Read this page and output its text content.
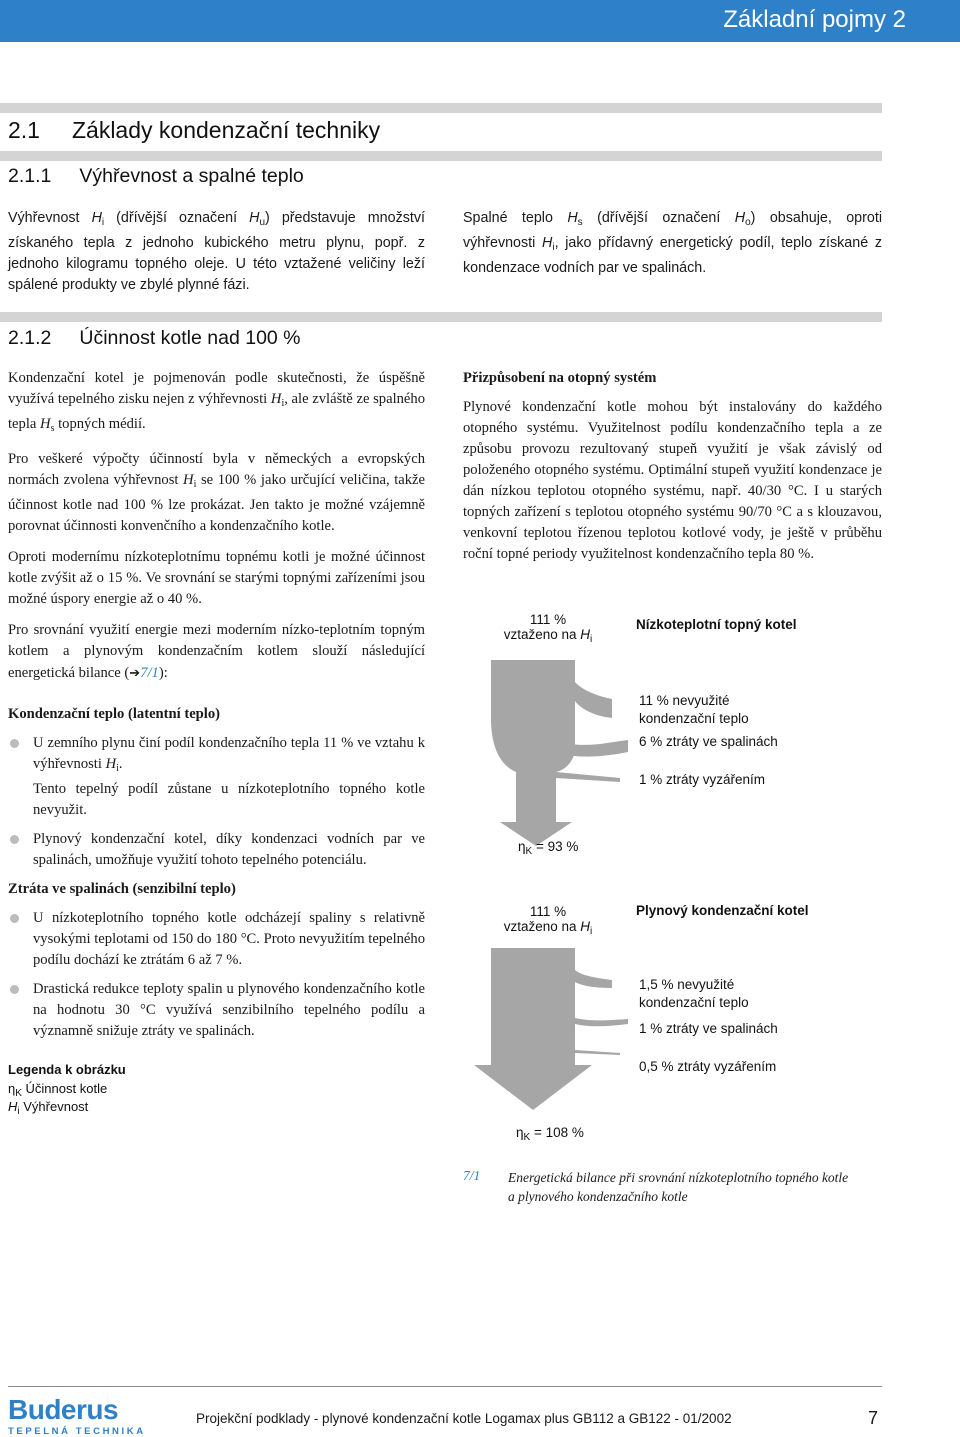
Základní pojmy 2
2.1 Základy kondenzační techniky
2.1.1 Výhřevnost a spalné teplo

Výhřevnost $H_i$ (dřívější označení $H_u$) představuje množství získaného tepla z jednoho kubického metru plynu, popř. z jednoho kilogramu topného oleje. U této vztažené veličiny leží spálené produkty ve zbylé plynné fázi.

Spalné teplo $H_s$ (dřívější označení $H_o$) obsahuje, oproti výhřevnosti $H_i$, jako přídavný energetický podíl, teplo získané z kondenzace vodních par ve spalinách.

2.1.2 Účinnost kotle nad 100 %

Kondenzační kotel je pojmenován podle skutečnosti, že úspěšně využívá tepelného zisku nejen z výhřevnosti $H_i$, ale zvláště ze spalného tepla $H_s$ topných médií.

Pro veškeré výpočty účinností byla v německých a evropských normách zvolena výhřevnost $H_i$ se 100 % jako určující veličina, takže účinnost kotle nad 100 % lze prokázat. Jen takto je možné vzájemně porovnat účinnosti konvenčního a kondenzačního kotle.

Oproti modernímu nízkoteplotnímu topnému kotli je možné účinnost kotle zvýšit až o 15 %. Ve srovnání se starými topnými zařízeními jsou možné úspory energie až o 40 %.

Pro srovnání využití energie mezi moderním nízko-teplotním topným kotlem a plynovým kondenzačním kotlem slouží následující energetická bilance (➔7/1):

Kondenzační teplo (latentní teplo)

U zemního plynu činí podíl kondenzačního tepla 11 % ve vztahu k výhřevnosti $H_i$.
Tento tepelný podíl zůstane u nízkoteplotního topného kotle nevyužit.

Plynový kondenzační kotel, díky kondenzaci vodních par ve spalinách, umožňuje využití tohoto tepelného potenciálu.

Ztráta ve spalinách (senzibilní teplo)

U nízkoteplotního topného kotle odcházejí spaliny s relativně vysokými teplotami od 150 do 180 °C. Proto nevyužitím tepelného podílu dochází ke ztrátám 6 až 7 %.

Drastická redukce teploty spalin u plynového kondenzačního kotle na hodnotu 30 °C využívá senzibilního tepelného podílu a významně snižuje ztráty ve spalinách.

Přizpůsobení na otopný systém

Plynové kondenzační kotle mohou být instalovány do každého otopného systému. Využitelnost podílu kondenzačního tepla a ze způsobu provozu rezultovaný stupeň využití je však závislý od položeného otopného systému. Optimální stupeň využití kondenzace je dán nízkou teplotou otopného systému, např. 40/30 °C. I u starých topných zařízení s teplotou otopného systému 90/70 °C a s klouzavou, venkovní teplotou řízenou teplotou kotlové vody, je ještě v průběhu roční topné periody využitelnost kondenzačního tepla 80 %.

Legenda k obrázku
$\eta_K$ Účinnost kotle
$H_i$ Výhřevnost
111 %
vztaženo na $H_i$
Nízkoteplotní topný kotel
11 % nevyužité
kondenzační teplo
6 % ztráty ve spalinách
1 % ztráty vyzářením
$\eta_K = 93$ %
111 %
vztaženo na $H_i$
Plynový kondenzační kotel
1,5 % nevyužité
kondenzační teplo
1 % ztráty ve spalinách
0,5 % ztráty vyzářením
$\eta_K = 108$ %
7/1 Energetická bilance při srovnání nízkoteplotního topného kotle
a plynového kondenzačního kotle
Buderus
TEPELNÁ TECHNIKA
Projekční podklady - plynové kondenzační kotle Logamax plus GB112 a GB122 - 01/2002	7
